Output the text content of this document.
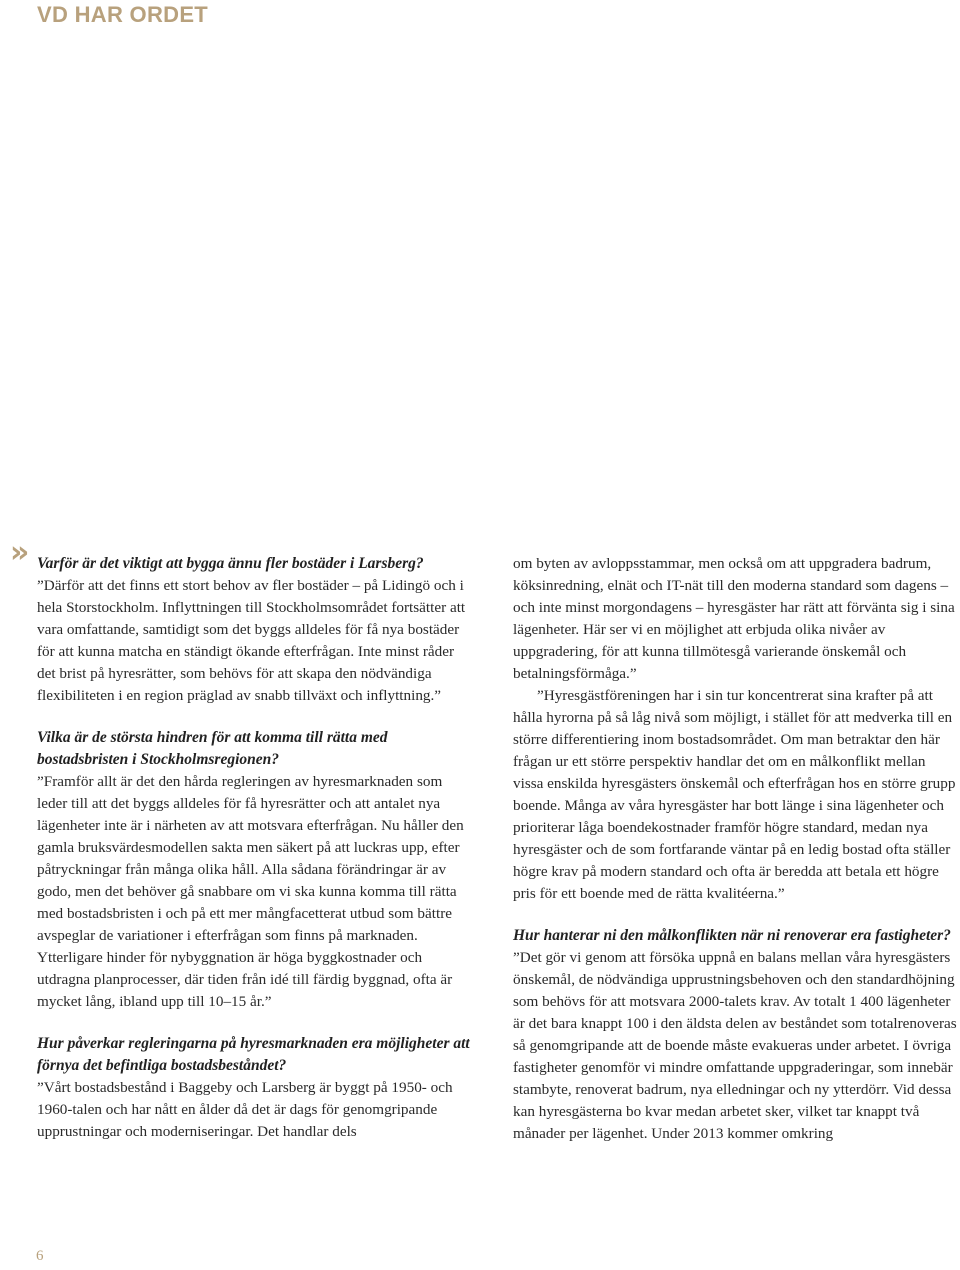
VD HAR ORDET
» Varför är det viktigt att bygga ännu fler bostäder i Larsberg?

”Därför att det finns ett stort behov av fler bostäder – på Lidingö och i hela Storstockholm. Inflyttningen till Stockholmsområdet fortsätter att vara omfattande, samtidigt som det byggs alldeles för få nya bostäder för att kunna matcha en ständigt ökande efterfrågan. Inte minst råder det brist på hyresrätter, som behövs för att skapa den nödvändiga flexibiliteten i en region präglad av snabb tillväxt och inflyttning.”

Vilka är de största hindren för att komma till rätta med bostadsbristen i Stockholmsregionen?

”Framför allt är det den hårda regleringen av hyresmarknaden som leder till att det byggs alldeles för få hyresrätter och att antalet nya lägenheter inte är i närheten av att motsvara efterfrågan. Nu håller den gamla bruksvärdesmodellen sakta men säkert på att luckras upp, efter påtryckningar från många olika håll. Alla sådana förändringar är av godo, men det behöver gå snabbare om vi ska kunna komma till rätta med bostadsbristen i och på ett mer mångfacetterat utbud som bättre avspeglar de variationer i efterfrågan som finns på marknaden. Ytterligare hinder för nybyggnation är höga byggkostnader och utdragna planprocesser, där tiden från idé till färdig byggnad, ofta är mycket lång, ibland upp till 10–15 år.”

Hur påverkar regleringarna på hyresmarknaden era möjligheter att förnya det befintliga bostadsbeståndet?

”Vårt bostadsbestånd i Baggeby och Larsberg är byggt på 1950- och 1960-talen och har nått en ålder då det är dags för genomgripande upprustningar och moderniseringar. Det handlar dels

om byten av avloppsstammar, men också om att uppgradera badrum, köksinredning, elnät och IT-nät till den moderna standard som dagens – och inte minst morgondagens – hyresgäster har rätt att förvänta sig i sina lägenheter. Här ser vi en möjlighet att erbjuda olika nivåer av uppgradering, för att kunna tillmötesgå varierande önskemål och betalningsförmåga.”

”Hyresgästföreningen har i sin tur koncentrerat sina krafter på att hålla hyrorna på så låg nivå som möjligt, i stället för att medverka till en större differentiering inom bostadsområdet. Om man betraktar den här frågan ur ett större perspektiv handlar det om en målkonflikt mellan vissa enskilda hyresgästers önskemål och efterfrågan hos en större grupp boende. Många av våra hyresgäster har bott länge i sina lägenheter och prioriterar låga boendekostnader framför högre standard, medan nya hyresgäster och de som fortfarande väntar på en ledig bostad ofta ställer högre krav på modern standard och ofta är beredda att betala ett högre pris för ett boende med de rätta kvalitéerna.”

Hur hanterar ni den målkonflikten när ni renoverar era fastigheter?

”Det gör vi genom att försöka uppnå en balans mellan våra hyresgästers önskemål, de nödvändiga upprustningsbehoven och den standardhöjning som behövs för att motsvara 2000-talets krav. Av totalt 1 400 lägenheter är det bara knappt 100 i den äldsta delen av beståndet som totalrenoveras så genomgripande att de boende måste evakueras under arbetet. I övriga fastigheter genomför vi mindre omfattande uppgraderingar, som innebär stambyte, renoverat badrum, nya elledningar och ny ytterdörr. Vid dessa kan hyresgästerna bo kvar medan arbetet sker, vilket tar knappt två månader per lägenhet. Under 2013 kommer omkring

6
